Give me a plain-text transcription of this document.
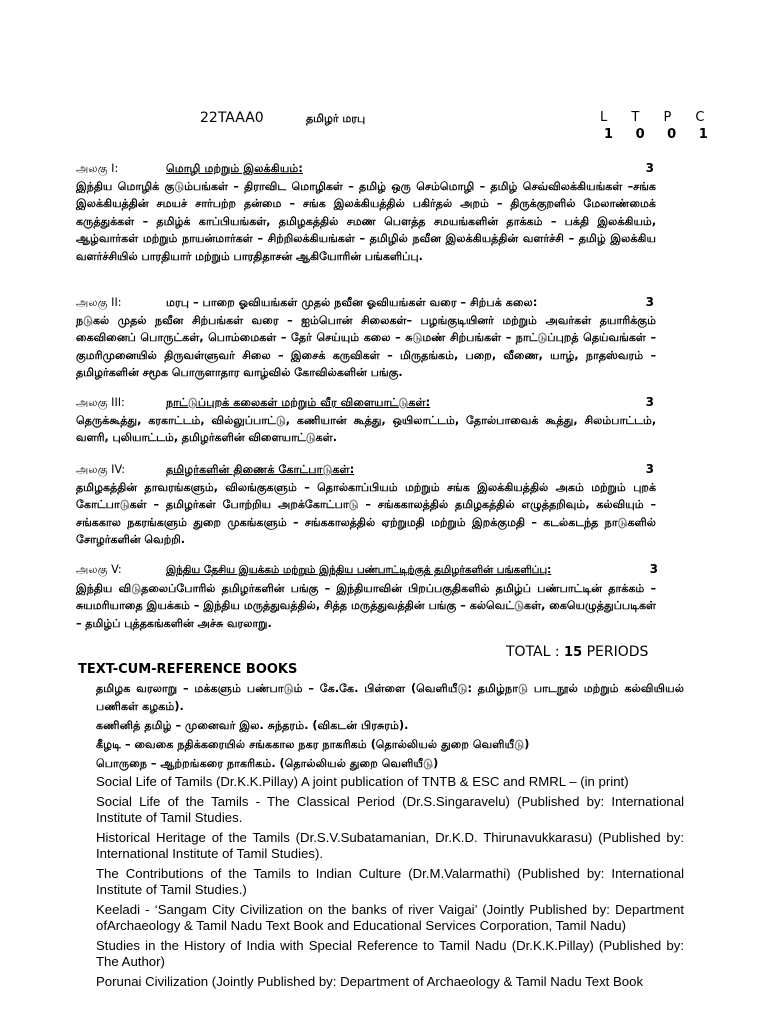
22TAAA0	தமிழர் மரபு	L T P C
1 0 0 1
அலகு I:	மொழி மற்றும் இலக்கியம்:	3
இந்திய மொழிக் குடும்பங்கள் – திராவிட மொழிகள் – தமிழ் ஒரு செம்மொழி – தமிழ் செவ்விலக்கியங்கள் –சங்க இலக்கியத்தின் சமயச் சார்பற்ற தன்மை – சங்க இலக்கியத்தில் பகிர்தல் அறம் – திருக்குறளில் மேலாண்மைக் கருத்துக்கள் – தமிழ்க் காப்பியங்கள், தமிழகத்தில் சமண பௌத்த சமயங்களின் தாக்கம் – பக்தி இலக்கியம், ஆழ்வார்கள் மற்றும் நாயன்மார்கள் – சிற்றிலக்கியங்கள் – தமிழில் நவீன இலக்கியத்தின் வளர்ச்சி – தமிழ் இலக்கிய வளர்ச்சியில் பாரதியார் மற்றும் பாரதிதாசன் ஆகியோரின் பங்களிப்பு.
அலகு II:	மரபு – பாறை ஓவியங்கள் முதல் நவீன ஓவியங்கள் வரை – சிற்பக் கலை:	3
நடுகல் முதல் நவீன சிற்பங்கள் வரை – ஐம்பொன் சிலைகள்– பழங்குடியினர் மற்றும் அவர்கள் தயாரிக்கும் கைவினைப் பொருட்கள், பொம்மைகள் – தேர் செய்யும் கலை – சுடுமண் சிற்பங்கள் – நாட்டுப்புறத் தெய்வங்கள் – குமரிமுனையில் திருவள்ளுவர் சிலை – இசைக் கருவிகள் – மிருதங்கம், பறை, வீணை, யாழ், நாதஸ்வரம் – தமிழர்களின் சமூக பொருளாதார வாழ்வில் கோவில்களின் பங்கு.
அலகு III:	நாட்டுப்புறக் கலைகள் மற்றும் வீர விளையாட்டுகள்:	3
தெருக்கூத்து, கரகாட்டம், வில்லுப்பாட்டு, கணியான் கூத்து, ஒயிலாட்டம், தோல்பாவைக் கூத்து, சிலம்பாட்டம், வளரி, புலியாட்டம், தமிழர்களின் விளையாட்டுகள்.
அலகு IV:	தமிழர்களின் திணைக் கோட்பாடுகள்:	3
தமிழகத்தின் தாவரங்களும், விலங்குகளும் – தொல்காப்பியம் மற்றும் சங்க இலக்கியத்தில் அகம் மற்றும் புறக் கோட்பாடுகள் – தமிழர்கள் போற்றிய அறக்கோட்பாடு – சங்ககாலத்தில் தமிழகத்தில் எழுத்தறிவும், கல்வியும் – சங்ககால நகரங்களும் துறை முகங்களும் – சங்ககாலத்தில் ஏற்றுமதி மற்றும் இறக்குமதி – கடல்கடந்த நாடுகளில் சோழர்களின் வெற்றி.
அலகு V:	இந்திய தேசிய இயக்கம் மற்றும் இந்திய பண்பாட்டிற்குத் தமிழர்களின் பங்களிப்பு:	3
இந்திய விடுதலைப்போரில் தமிழர்களின் பங்கு – இந்தியாவின் பிறப்பகுதிகளில் தமிழ்ப் பண்பாட்டின் தாக்கம் – சுயமரியாதை இயக்கம் – இந்திய மருத்துவத்தில், சித்த மருத்துவத்தின் பங்கு – கல்வெட்டுகள், கையெழுத்துப்படிகள் – தமிழ்ப் புத்தகங்களின் அச்சு வரலாறு.
TOTAL : 15 PERIODS
TEXT-CUM-REFERENCE BOOKS
தமிழக வரலாறு – மக்களும் பண்பாடும் – கே.கே. பிள்ளை (வெளியீடு: தமிழ்நாடு பாடநூல் மற்றும் கல்வியியல் பணிகள் கழகம்).
கணினித் தமிழ் – முனைவர் இல. சுந்தரம். (விகடன் பிரசுரம்).
கீழடி – வைகை நதிக்கரையில் சங்ககால நகர நாகரிகம் (தொல்லியல் துறை வெளியீடு)
பொருநை – ஆற்றங்கரை நாகரிகம். (தொல்லியல் துறை வெளியீடு)
Social Life of Tamils (Dr.K.K.Pillay) A joint publication of TNTB & ESC and RMRL – (in print)
Social Life of the Tamils - The Classical Period (Dr.S.Singaravelu) (Published by: International Institute of Tamil Studies.
Historical Heritage of the Tamils (Dr.S.V.Subatamanian, Dr.K.D. Thirunavukkarasu) (Published by: International Institute of Tamil Studies).
The Contributions of the Tamils to Indian Culture (Dr.M.Valarmathi) (Published by: International Institute of Tamil Studies.)
Keeladi - ‘Sangam City Civilization on the banks of river Vaigai’ (Jointly Published by: Department ofArchaeology & Tamil Nadu Text Book and Educational Services Corporation, Tamil Nadu)
Studies in the History of India with Special Reference to Tamil Nadu (Dr.K.K.Pillay) (Published by: The Author)
Porunai Civilization (Jointly Published by: Department of Archaeology & Tamil Nadu Text Book
